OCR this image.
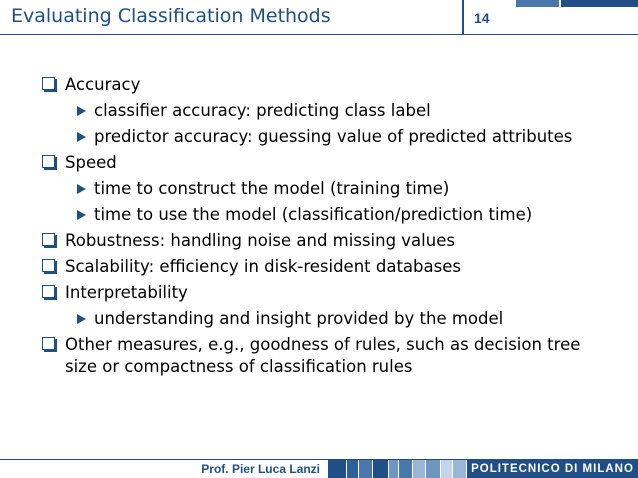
Evaluating Classification Methods	14
Accuracy
classifier accuracy: predicting class label
predictor accuracy: guessing value of predicted attributes
Speed
time to construct the model (training time)
time to use the model (classification/prediction time)
Robustness: handling noise and missing values
Scalability: efficiency in disk-resident databases
Interpretability
understanding and insight provided by the model
Other measures, e.g., goodness of rules, such as decision tree size or compactness of classification rules
Prof. Pier Luca Lanzi	POLITECNICO DI MILANO
